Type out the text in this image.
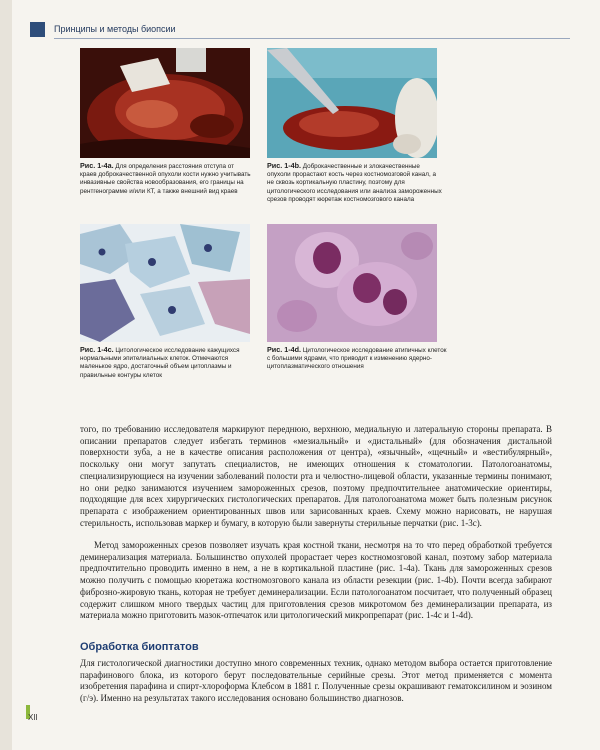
Принципы и методы биопсии
Рис. 1-4a. Для определения расстояния отступа от краев доброкачественной опухоли кости нужно учитывать инвазивные свойства новообразования, его границы на рентгенограмме и/или КТ, а также внешний вид краев
Рис. 1-4b. Доброкачественные и злокачественные опухоли прорастают кость через костномозговой канал, а не сквозь кортикальную пластину, поэтому для цитологического исследования или анализа замороженных срезов проводят кюретаж костномозгового канала
Рис. 1-4c. Цитологическое исследование кажущихся нормальными эпителиальных клеток. Отмечаются маленькое ядро, достаточный объем цитоплазмы и правильные контуры клеток
Рис. 1-4d. Цитологическое исследование атипичных клеток с большими ядрами, что приводит к изменению ядерно-цитоплазматического отношения

того, по требованию исследователя маркируют переднюю, верхнюю, медиальную и латеральную стороны препарата. В описании препаратов следует избегать терминов «мезиальный» и «дистальный» (для обозначения дистальной поверхности зуба, а не в качестве описания расположения от центра), «язычный», «щечный» и «вестибулярный», поскольку они могут запутать специалистов, не имеющих отношения к стоматологии. Патологоанатомы, специализирующиеся на изучении заболеваний полости рта и челюстно-лицевой области, указанные термины понимают, но они редко занимаются изучением замороженных срезов, поэтому предпочтительнее анатомические ориентиры, подходящие для всех хирургических гистологических препаратов. Для патологоанатома может быть полезным рисунок препарата с изображением ориентированных швов или зарисованных краев. Схему можно нарисовать, не нарушая стерильность, использовав маркер и бумагу, в которую были завернуты стерильные перчатки (рис. 1-3c).

Метод замороженных срезов позволяет изучать края костной ткани, несмотря на то что перед обработкой требуется деминерализация материала. Большинство опухолей прорастает через костномозговой канал, поэтому забор материала предпочтительно проводить именно в нем, а не в кортикальной пластине (рис. 1-4a). Ткань для замороженных срезов можно получить с помощью кюретажа костномозгового канала из области резекции (рис. 1-4b). Почти всегда забирают фиброзно-жировую ткань, которая не требует деминерализации. Если патологоанатом посчитает, что полученный образец содержит слишком много твердых частиц для приготовления срезов микротомом без деминерализации препарата, из материала можно приготовить мазок-отпечаток или цитологический микропрепарат (рис. 1-4c и 1-4d).

Обработка биоптатов

Для гистологической диагностики доступно много современных техник, однако методом выбора остается приготовление парафинового блока, из которого берут последовательные серийные срезы. Этот метод применяется с момента изобретения парафина и спирт-хлороформа Клебсом в 1881 г. Полученные срезы окрашивают гематоксилином и эозином (г/э). Именно на результатах такого исследования основано большинство диагнозов.

XII
